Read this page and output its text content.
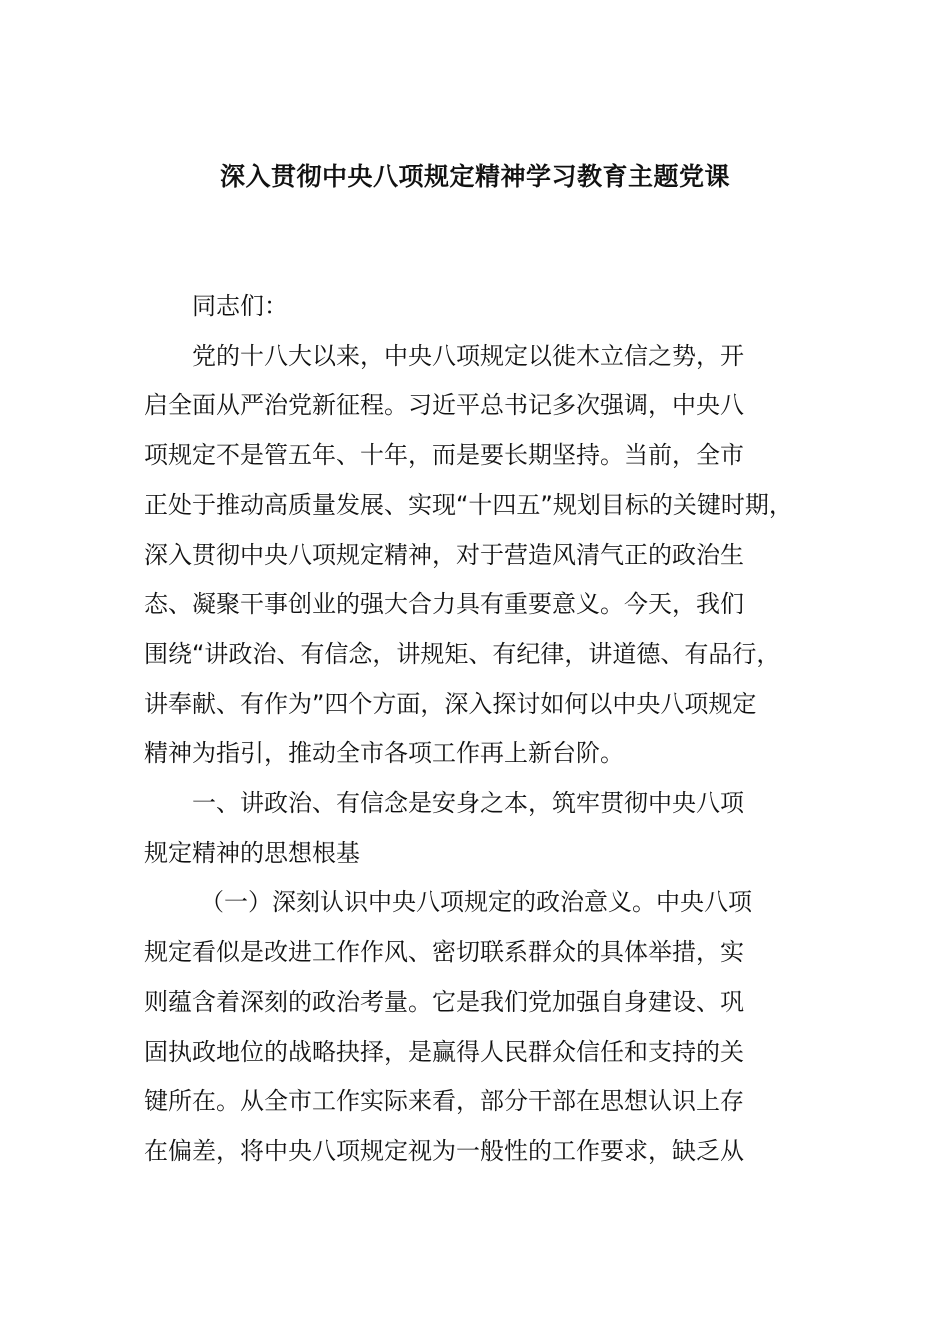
深入贯彻中央八项规定精神学习教育主题党课

同志们：

党的十八大以来，中央八项规定以徙木立信之势，开
启全面从严治党新征程。习近平总书记多次强调，中央八
项规定不是管五年、十年，而是要长期坚持。当前，全市
正处于推动高质量发展、实现“十四五”规划目标的关键时期，
深入贯彻中央八项规定精神，对于营造风清气正的政治生
态、凝聚干事创业的强大合力具有重要意义。今天，我们
围绕“讲政治、有信念，讲规矩、有纪律，讲道德、有品行，
讲奉献、有作为”四个方面，深入探讨如何以中央八项规定
精神为指引，推动全市各项工作再上新台阶。

一、讲政治、有信念是安身之本，筑牢贯彻中央八项
规定精神的思想根基

（一）深刻认识中央八项规定的政治意义。中央八项
规定看似是改进工作作风、密切联系群众的具体举措，实
则蕴含着深刻的政治考量。它是我们党加强自身建设、巩
固执政地位的战略抉择，是赢得人民群众信任和支持的关
键所在。从全市工作实际来看，部分干部在思想认识上存
在偏差，将中央八项规定视为一般性的工作要求，缺乏从
